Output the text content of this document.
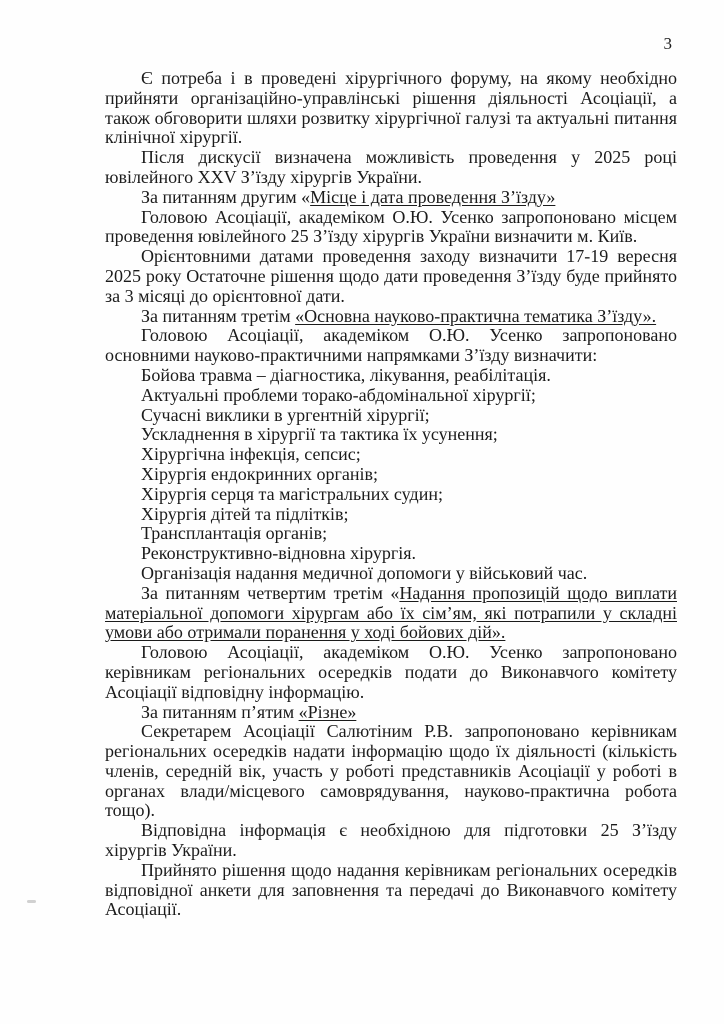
3

Є потреба і в проведені хірургічного форуму, на якому необхідно прийняти організаційно-управлінські рішення діяльності Асоціації, а також обговорити шляхи розвитку хірургічної галузі та актуальні питання клінічної хірургії.

Після дискусії визначена можливість проведення у 2025 році ювілейного XXV З’їзду хірургів України.

За питанням другим «Місце і дата проведення З’їзду»

Головою Асоціації, академіком О.Ю. Усенко запропоновано місцем проведення ювілейного 25 З’їзду хірургів України визначити м. Київ.

Орієнтовними датами проведення заходу визначити 17-19 вересня 2025 року Остаточне рішення щодо дати проведення З’їзду буде прийнято за 3 місяці до орієнтовної дати.

За питанням третім «Основна науково-практична тематика З’їзду».

Головою Асоціації, академіком О.Ю. Усенко запропоновано основними науково-практичними напрямками З’їзду визначити:

Бойова травма – діагностика, лікування, реабілітація.

Актуальні проблеми торако-абдомінальної хірургії;

Сучасні виклики в ургентній хірургії;

Ускладнення в хірургії та тактика їх усунення;

Хірургічна інфекція, сепсис;

Хірургія ендокринних органів;

Хірургія серця та магістральних судин;

Хірургія дітей та підлітків;

Трансплантація органів;

Реконструктивно-відновна хірургія.

Організація надання медичної допомоги у військовий час.

За питанням четвертим третім «Надання пропозицій щодо виплати матеріальної допомоги хірургам або їх сім’ям, які потрапили у складні умови або отримали поранення у ході бойових дій».

Головою Асоціації, академіком О.Ю. Усенко запропоновано керівникам регіональних осередків подати до Виконавчого комітету Асоціації відповідну інформацію.

За питанням п’ятим «Різне»

Секретарем Асоціації Салютіним Р.В. запропоновано керівникам регіональних осередків надати інформацію щодо їх діяльності (кількість членів, середній вік, участь у роботі представників Асоціації у роботі в органах влади/місцевого самоврядування, науково-практична робота тощо).

Відповідна інформація є необхідною для підготовки 25 З’їзду хірургів України.

Прийнято рішення щодо надання керівникам регіональних осередків відповідної анкети для заповнення та передачі до Виконавчого комітету Асоціації.
